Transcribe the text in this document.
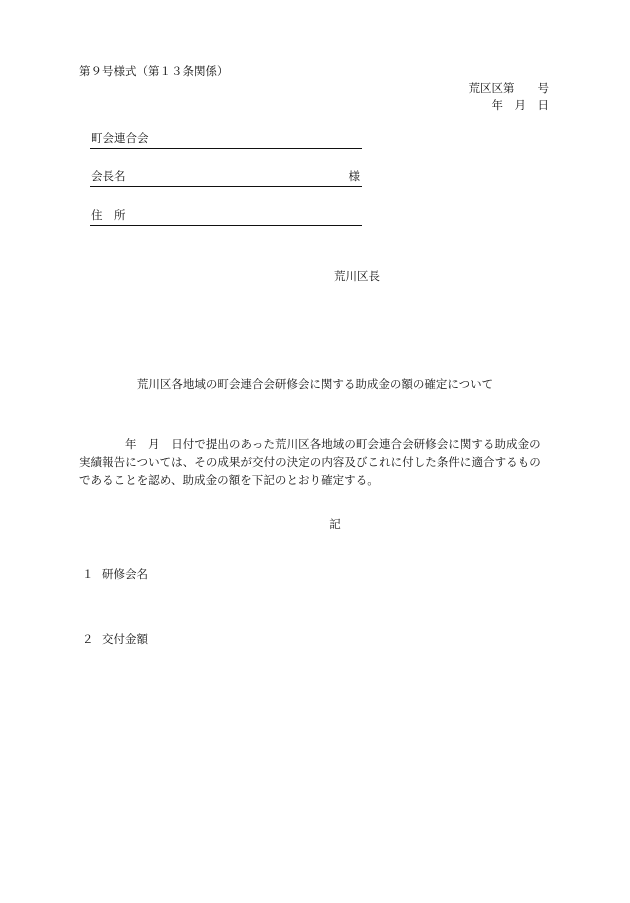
第９号様式（第１３条関係）
荒区区第　　号
年　月　日
町会連合会
会長名	様
住　所
荒川区長
荒川区各地域の町会連合会研修会に関する助成金の額の確定について
年　月　日付で提出のあった荒川区各地域の町会連合会研修会に関する助成金の
実績報告については、その成果が交付の決定の内容及びこれに付した条件に適合するもの
であることを認め、助成金の額を下記のとおり確定する。
記
１ 研修会名
２ 交付金額
